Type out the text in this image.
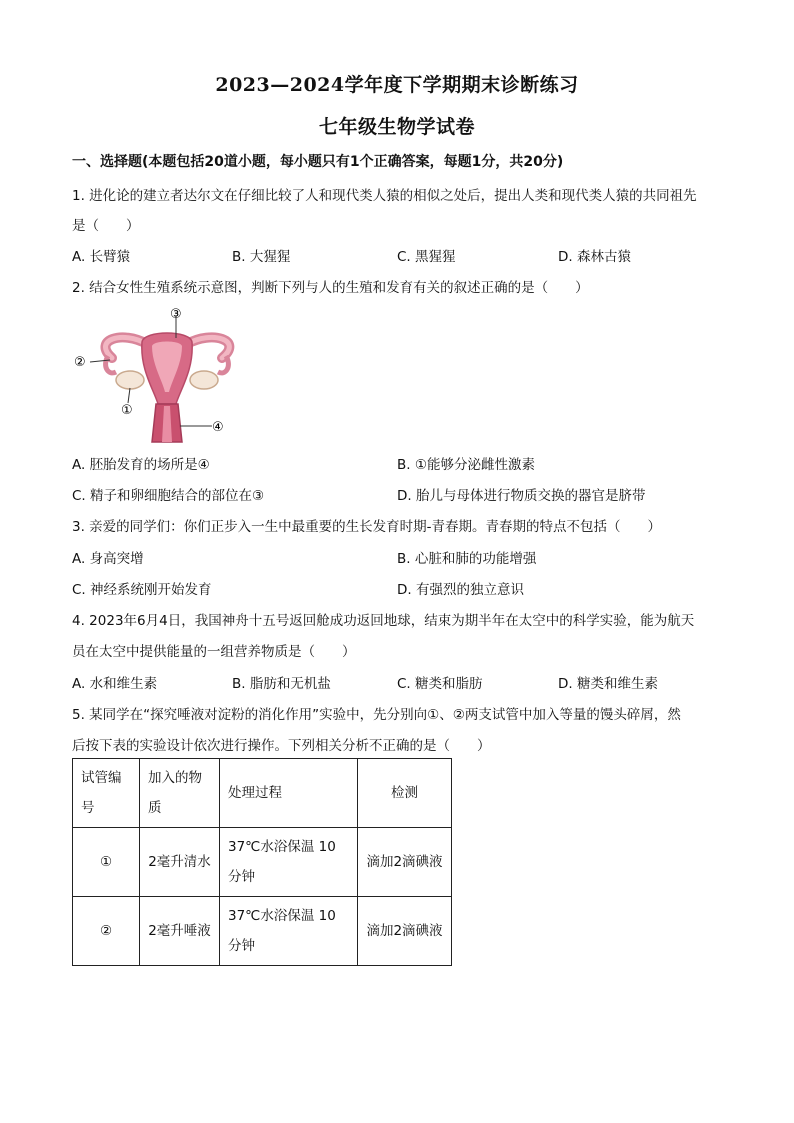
2023—2024学年度下学期期末诊断练习
七年级生物学试卷
一、选择题(本题包括20道小题，每小题只有1个正确答案，每题1分，共20分)
1. 进化论的建立者达尔文在仔细比较了人和现代类人猿的相似之处后，提出人类和现代类人猿的共同祖先
是（　　）
A. 长臂猿	B. 大猩猩	C. 黑猩猩	D. 森林古猿
2. 结合女性生殖系统示意图，判断下列与人的生殖和发育有关的叙述正确的是（　　）
③
②
①
④
A. 胚胎发育的场所是④	B. ①能够分泌雌性激素
C. 精子和卵细胞结合的部位在③	D. 胎儿与母体进行物质交换的器官是脐带
3. 亲爱的同学们：你们正步入一生中最重要的生长发育时期-青春期。青春期的特点不包括（　　）
A. 身高突增	B. 心脏和肺的功能增强
C. 神经系统刚开始发育	D. 有强烈的独立意识
4. 2023年6月4日，我国神舟十五号返回舱成功返回地球，结束为期半年在太空中的科学实验，能为航天
员在太空中提供能量的一组营养物质是（　　）
A. 水和维生素	B. 脂肪和无机盐	C. 糖类和脂肪	D. 糖类和维生素
5. 某同学在“探究唾液对淀粉的消化作用”实验中，先分别向①、②两支试管中加入等量的馒头碎屑，然
后按下表的实验设计依次进行操作。下列相关分析不正确的是（　　）
试管编号	加入的物质	处理过程	检测
①	2毫升清水	37℃水浴保温 10分钟	滴加2滴碘液
②	2毫升唾液	37℃水浴保温 10分钟	滴加2滴碘液
